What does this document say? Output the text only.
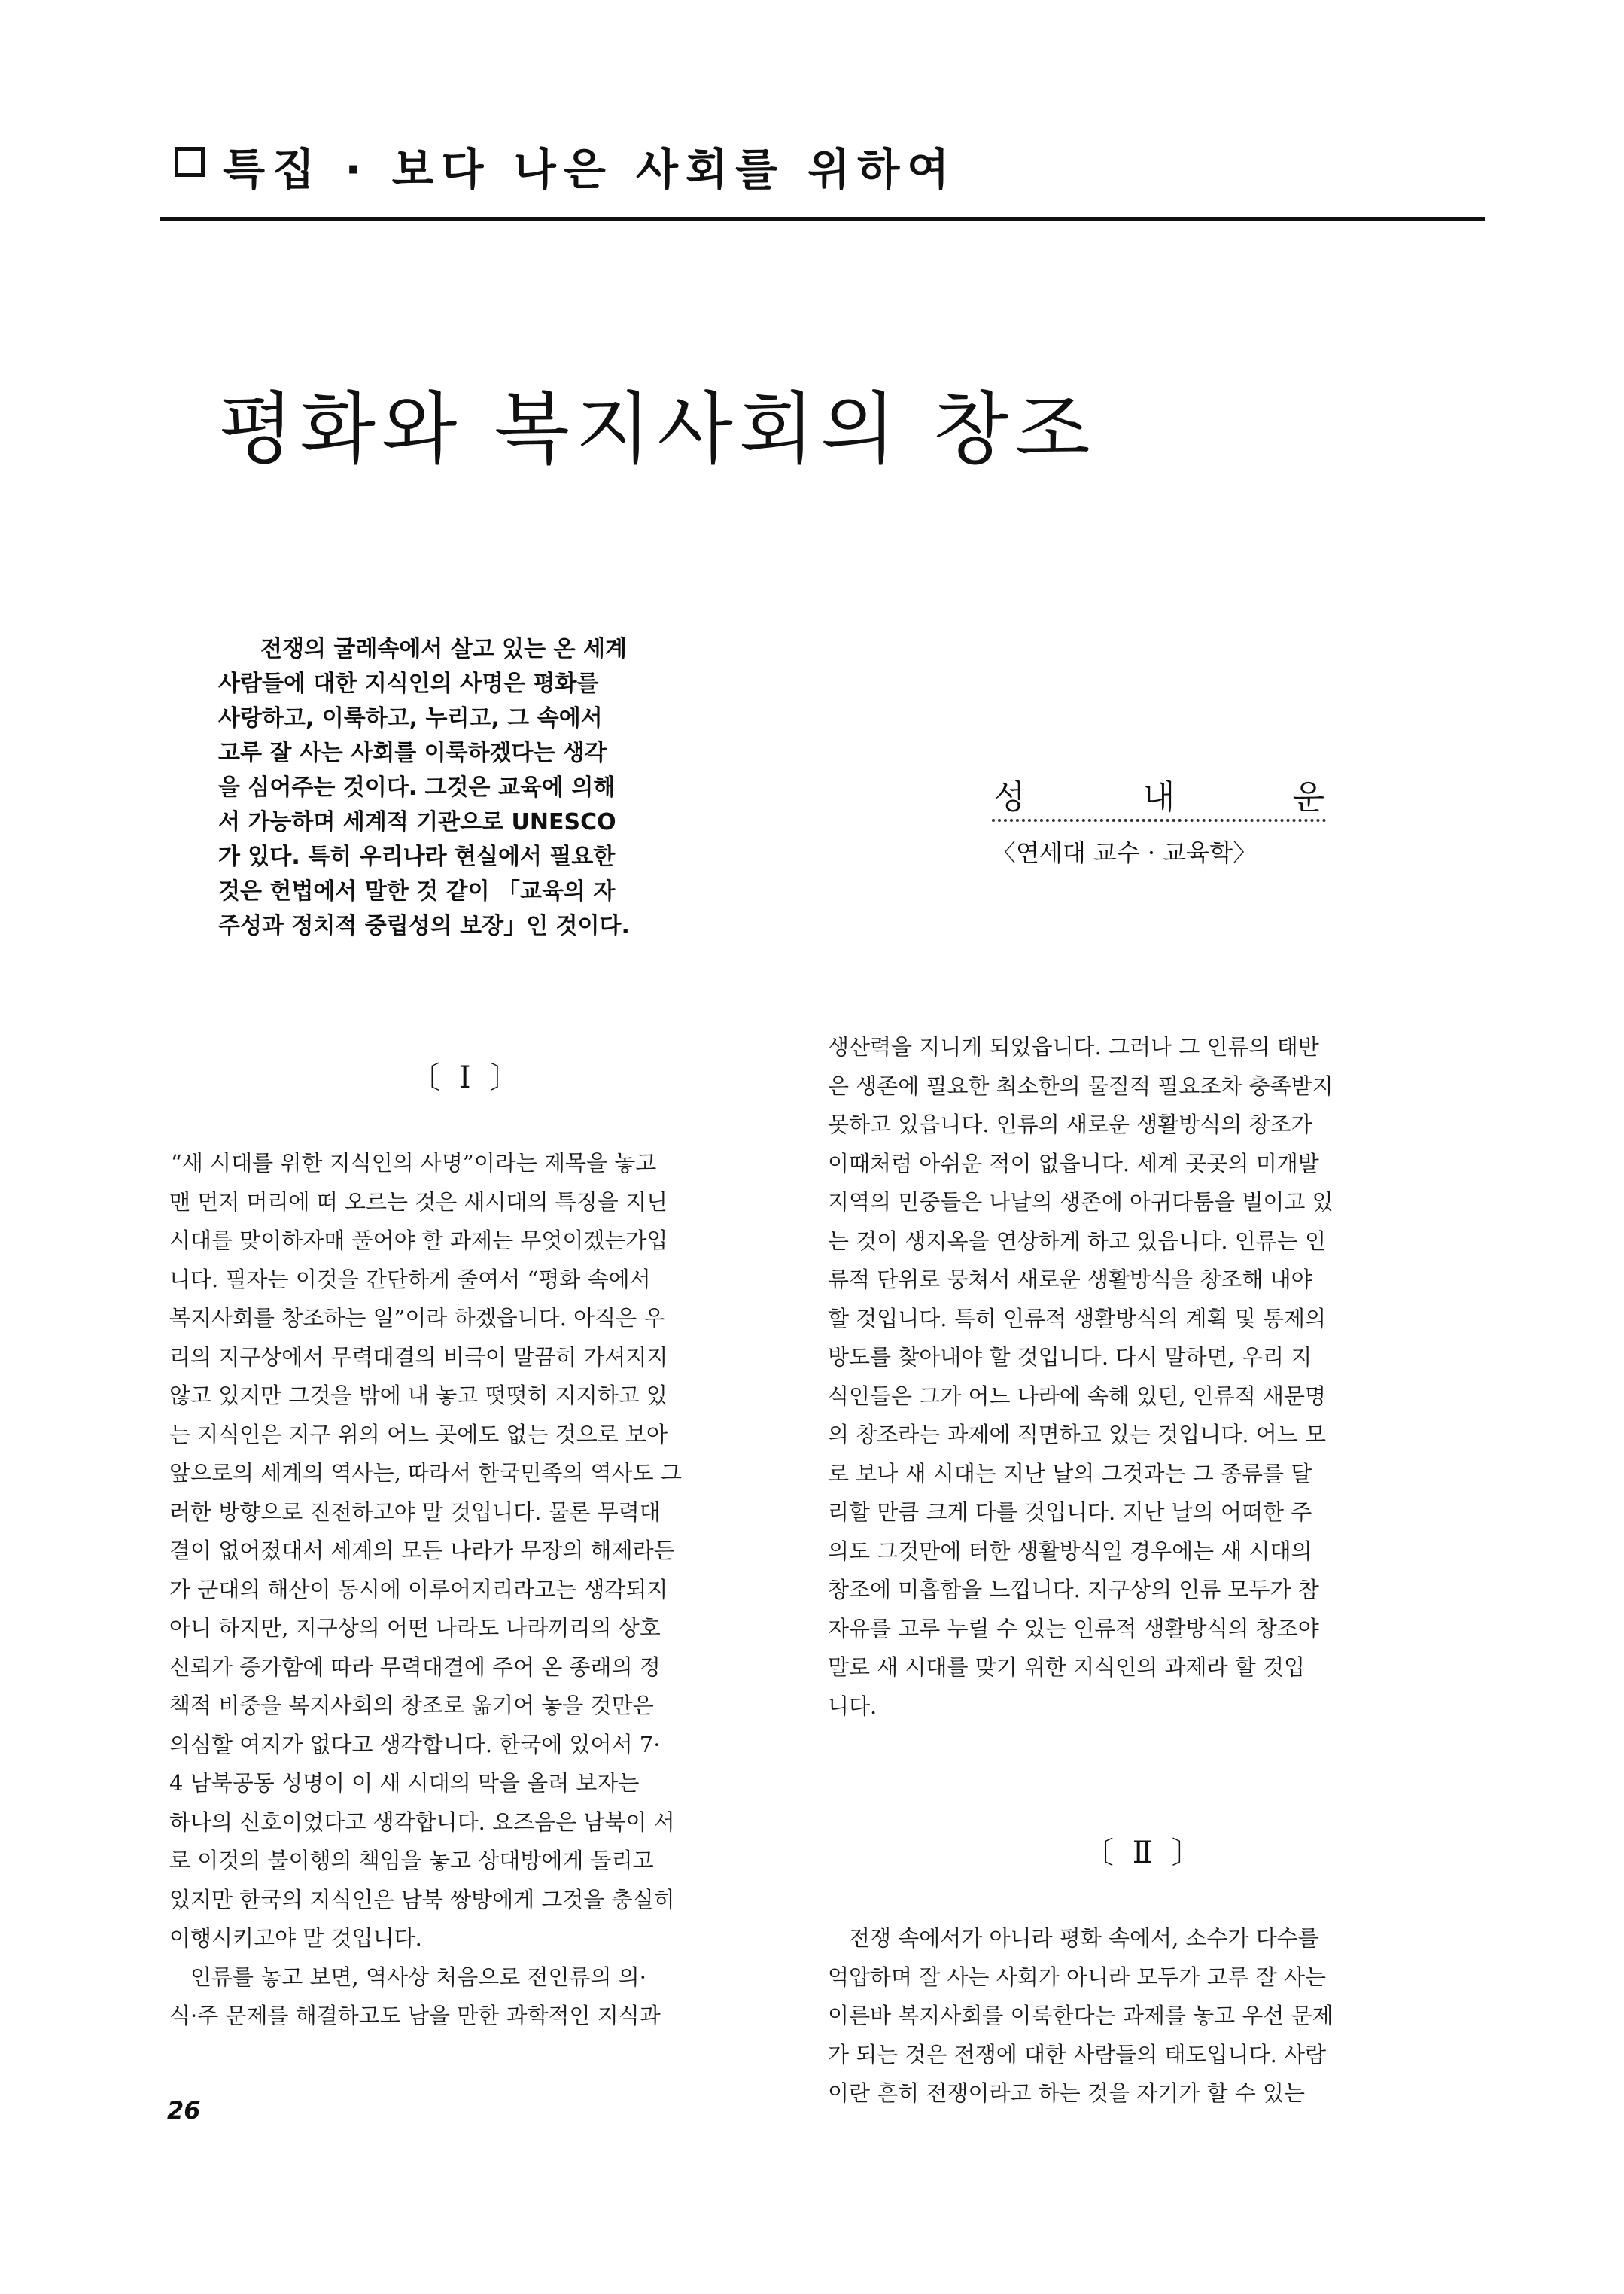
특집 · 보다 나은 사회를 위하여
평화와 복지사회의 창조
전쟁의 굴레속에서 살고 있는 온 세계
사람들에 대한 지식인의 사명은 평화를
사랑하고, 이룩하고, 누리고, 그 속에서
고루 잘 사는 사회를 이룩하겠다는 생각
을 심어주는 것이다. 그것은 교육에 의해
서 가능하며 세계적 기관으로 UNESCO
가 있다. 특히 우리나라 현실에서 필요한
것은 헌법에서 말한 것 같이 「교육의 자
주성과 정치적 중립성의 보장」인 것이다.
성	내	운
〈연세대 교수 · 교육학〉
〔 I 〕
“새 시대를 위한 지식인의 사명”이라는 제목을 놓고
맨 먼저 머리에 떠 오르는 것은 새시대의 특징을 지닌
시대를 맞이하자매 풀어야 할 과제는 무엇이겠는가입
니다. 필자는 이것을 간단하게 줄여서 “평화 속에서
복지사회를 창조하는 일”이라 하겠읍니다. 아직은 우
리의 지구상에서 무력대결의 비극이 말끔히 가셔지지
않고 있지만 그것을 밖에 내 놓고 떳떳히 지지하고 있
는 지식인은 지구 위의 어느 곳에도 없는 것으로 보아
앞으로의 세계의 역사는, 따라서 한국민족의 역사도 그
러한 방향으로 진전하고야 말 것입니다. 물론 무력대
결이 없어졌대서 세계의 모든 나라가 무장의 해제라든
가 군대의 해산이 동시에 이루어지리라고는 생각되지
아니 하지만, 지구상의 어떤 나라도 나라끼리의 상호
신뢰가 증가함에 따라 무력대결에 주어 온 종래의 정
책적 비중을 복지사회의 창조로 옮기어 놓을 것만은
의심할 여지가 없다고 생각합니다. 한국에 있어서 7·
4 남북공동 성명이 이 새 시대의 막을 올려 보자는
하나의 신호이었다고 생각합니다. 요즈음은 남북이 서
로 이것의 불이행의 책임을 놓고 상대방에게 돌리고
있지만 한국의 지식인은 남북 쌍방에게 그것을 충실히
이행시키고야 말 것입니다.
인류를 놓고 보면, 역사상 처음으로 전인류의 의·
식·주 문제를 해결하고도 남을 만한 과학적인 지식과
생산력을 지니게 되었읍니다. 그러나 그 인류의 태반
은 생존에 필요한 최소한의 물질적 필요조차 충족받지
못하고 있읍니다. 인류의 새로운 생활방식의 창조가
이때처럼 아쉬운 적이 없읍니다. 세계 곳곳의 미개발
지역의 민중들은 나날의 생존에 아귀다툼을 벌이고 있
는 것이 생지옥을 연상하게 하고 있읍니다. 인류는 인
류적 단위로 뭉쳐서 새로운 생활방식을 창조해 내야
할 것입니다. 특히 인류적 생활방식의 계획 및 통제의
방도를 찾아내야 할 것입니다. 다시 말하면, 우리 지
식인들은 그가 어느 나라에 속해 있던, 인류적 새문명
의 창조라는 과제에 직면하고 있는 것입니다. 어느 모
로 보나 새 시대는 지난 날의 그것과는 그 종류를 달
리할 만큼 크게 다를 것입니다. 지난 날의 어떠한 주
의도 그것만에 터한 생활방식일 경우에는 새 시대의
창조에 미흡함을 느낍니다. 지구상의 인류 모두가 참
자유를 고루 누릴 수 있는 인류적 생활방식의 창조야
말로 새 시대를 맞기 위한 지식인의 과제라 할 것입
니다.
〔 Ⅱ 〕
전쟁 속에서가 아니라 평화 속에서, 소수가 다수를
억압하며 잘 사는 사회가 아니라 모두가 고루 잘 사는
이른바 복지사회를 이룩한다는 과제를 놓고 우선 문제
가 되는 것은 전쟁에 대한 사람들의 태도입니다. 사람
이란 흔히 전쟁이라고 하는 것을 자기가 할 수 있는
26
